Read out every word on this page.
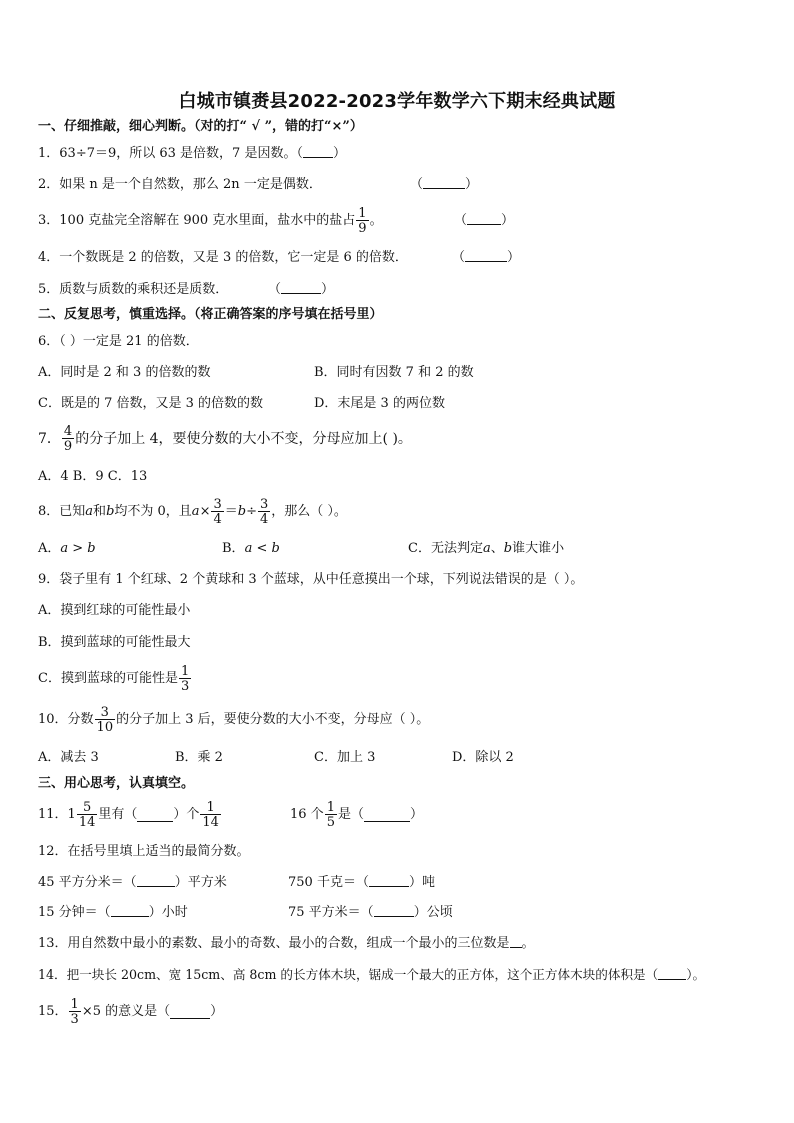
白城市镇赉县2022-2023学年数学六下期末经典试题
一、仔细推敲，细心判断。（对的打“ √ ”，错的打“×”）
1．63÷7＝9，所以 63 是倍数，7 是因数。（ ）
2．如果 n 是一个自然数，那么 2n 一定是偶数．	（	）
3．100 克盐完全溶解在 900 克水里面，盐水中的盐占 $\frac{1}{9}$ 。	（	）
4．一个数既是 2 的倍数，又是 3 的倍数，它一定是 6 的倍数．	（	）
5．质数与质数的乘积还是质数．	（	）
二、反复思考，慎重选择。（将正确答案的序号填在括号里）
6．（ ）一定是 21 的倍数．
A．同时是 2 和 3 的倍数的数	B．同时有因数 7 和 2 的数
C．既是的 7 倍数，又是 3 的倍数的数	D．末尾是 3 的两位数
7． $\frac{4}{9}$ 的分子加上 4，要使分数的大小不变，分母应加上( )。
A．4 B．9 C．13
8．已知 a 和 b 均不为 0，且 $a \times \frac{3}{4} = b \div \frac{3}{4}$ ，那么（ ）。
A．a > b	B．a < b	C．无法判定a、b谁大谁小
9．袋子里有 1 个红球、2 个黄球和 3 个蓝球，从中任意摸出一个球，下列说法错误的是（ ）。
A．摸到红球的可能性最小
B．摸到蓝球的可能性最大
C．摸到蓝球的可能性是 $\frac{1}{3}$
10．分数 $\frac{3}{10}$ 的分子加上 3 后，要使分数的大小不变，分母应（ ）。
A．减去 3	B．乘 2	C．加上 3	D．除以 2
三、用心思考，认真填空。
11． $1 \frac{5}{14}$ 里有（	）个 $\frac{1}{14}$	16 个 $\frac{1}{5}$ 是（	）
12．在括号里填上适当的最简分数。
45 平方分米＝（	）平方米	750 千克＝（	）吨
15 分钟＝（	）小时	75 平方米＝（	）公顷
13．用自然数中最小的素数、最小的奇数、最小的合数，组成一个最小的三位数是 。
14．把一块长 20cm、宽 15cm、高 8cm 的长方体木块，锯成一个最大的正方体，这个正方体木块的体积是（ ）。
15． $\frac{1}{3} \times 5$ 的意义是（	）
